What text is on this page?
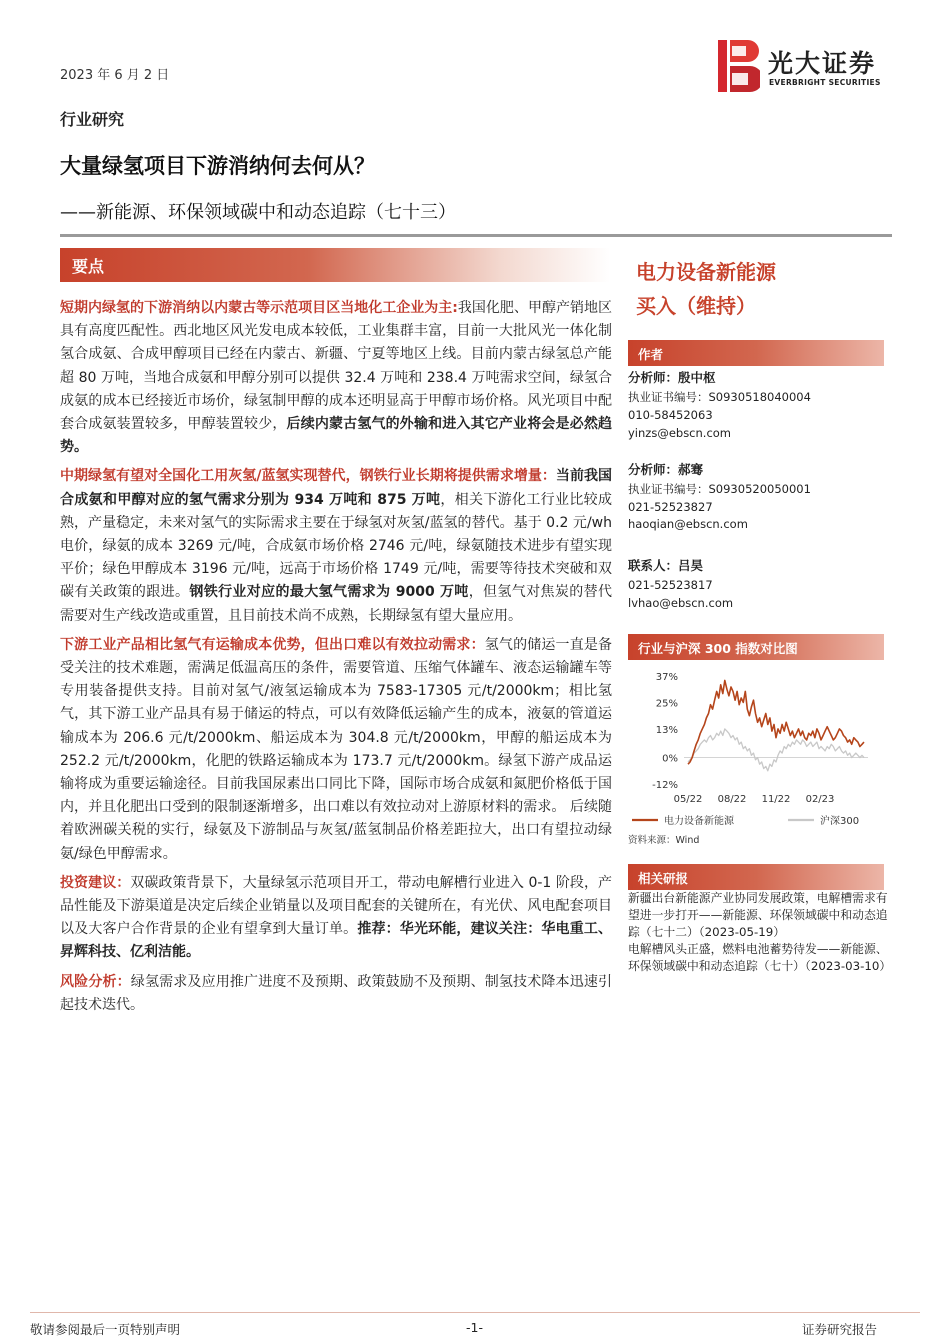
2023 年 6 月 2 日	光大证券
EVERBRIGHT SECURITIES
行业研究
大量绿氢项目下游消纳何去何从？
——新能源、环保领域碳中和动态追踪（七十三）
要点

短期内绿氢的下游消纳以内蒙古等示范项目区当地化工企业为主:我国化肥、甲醇产销地区具有高度匹配性。西北地区风光发电成本较低，工业集群丰富，目前一大批风光一体化制氢合成氨、合成甲醇项目已经在内蒙古、新疆、宁夏等地区上线。目前内蒙古绿氢总产能超 80 万吨，当地合成氨和甲醇分别可以提供 32.4 万吨和 238.4 万吨需求空间，绿氢合成氨的成本已经接近市场价，绿氢制甲醇的成本还明显高于甲醇市场价格。风光项目中配套合成氨装置较多，甲醇装置较少，后续内蒙古氢气的外输和进入其它产业将会是必然趋势。

中期绿氢有望对全国化工用灰氢/蓝氢实现替代，钢铁行业长期将提供需求增量：当前我国合成氨和甲醇对应的氢气需求分别为 934 万吨和 875 万吨，相关下游化工行业比较成熟，产量稳定，未来对氢气的实际需求主要在于绿氢对灰氢/蓝氢的替代。基于 0.2 元/wh 电价，绿氨的成本 3269 元/吨，合成氨市场价格 2746 元/吨，绿氨随技术进步有望实现平价；绿色甲醇成本 3196 元/吨，远高于市场价格 1749 元/吨，需要等待技术突破和双碳有关政策的跟进。钢铁行业对应的最大氢气需求为 9000 万吨，但氢气对焦炭的替代需要对生产线改造或重置，且目前技术尚不成熟，长期绿氢有望大量应用。

下游工业产品相比氢气有运输成本优势，但出口难以有效拉动需求：氢气的储运一直是备受关注的技术难题，需满足低温高压的条件，需要管道、压缩气体罐车、液态运输罐车等专用装备提供支持。目前对氢气/液氢运输成本为 7583-17305 元/t/2000km；相比氢气，其下游工业产品具有易于储运的特点，可以有效降低运输产生的成本，液氨的管道运输成本为 206.6 元/t/2000km、船运成本为 304.8 元/t/2000km，甲醇的船运成本为 252.2 元/t/2000km，化肥的铁路运输成本为 173.7 元/t/2000km。绿氢下游产成品运输将成为重要运输途径。目前我国尿素出口同比下降，国际市场合成氨和氮肥价格低于国内，并且化肥出口受到的限制逐渐增多，出口难以有效拉动对上游原材料的需求。 后续随着欧洲碳关税的实行，绿氨及下游制品与灰氢/蓝氢制品价格差距拉大，出口有望拉动绿氨/绿色甲醇需求。

投资建议：双碳政策背景下，大量绿氢示范项目开工，带动电解槽行业进入 0-1 阶段，产品性能及下游渠道是决定后续企业销量以及项目配套的关键所在，有光伏、风电配套项目以及大客户合作背景的企业有望拿到大量订单。推荐：华光环能，建议关注：华电重工、昇辉科技、亿利洁能。

风险分析：绿氢需求及应用推广进度不及预期、政策鼓励不及预期、制氢技术降本迅速引起技术迭代。

电力设备新能源
买入（维持）
作者
分析师：殷中枢
执业证书编号：S0930518040004
010-58452063
yinzs@ebscn.com
分析师：郝骞
执业证书编号：S0930520050001
021-52523827
haoqian@ebscn.com
联系人：吕昊
021-52523817
lvhao@ebscn.com
行业与沪深 300 指数对比图
37%
25%
13%
0%
-12%
05/22 08/22 11/22 02/23
电力设备新能源	沪深300
资料来源：Wind
相关研报

新疆出台新能源产业协同发展政策，电解槽需求有望进一步打开——新能源、环保领域碳中和动态追踪（七十二）（2023-05-19）

电解槽风头正盛，燃料电池蓄势待发——新能源、环保领域碳中和动态追踪（七十）（2023-03-10）

敬请参阅最后一页特别声明	-1-	证券研究报告
